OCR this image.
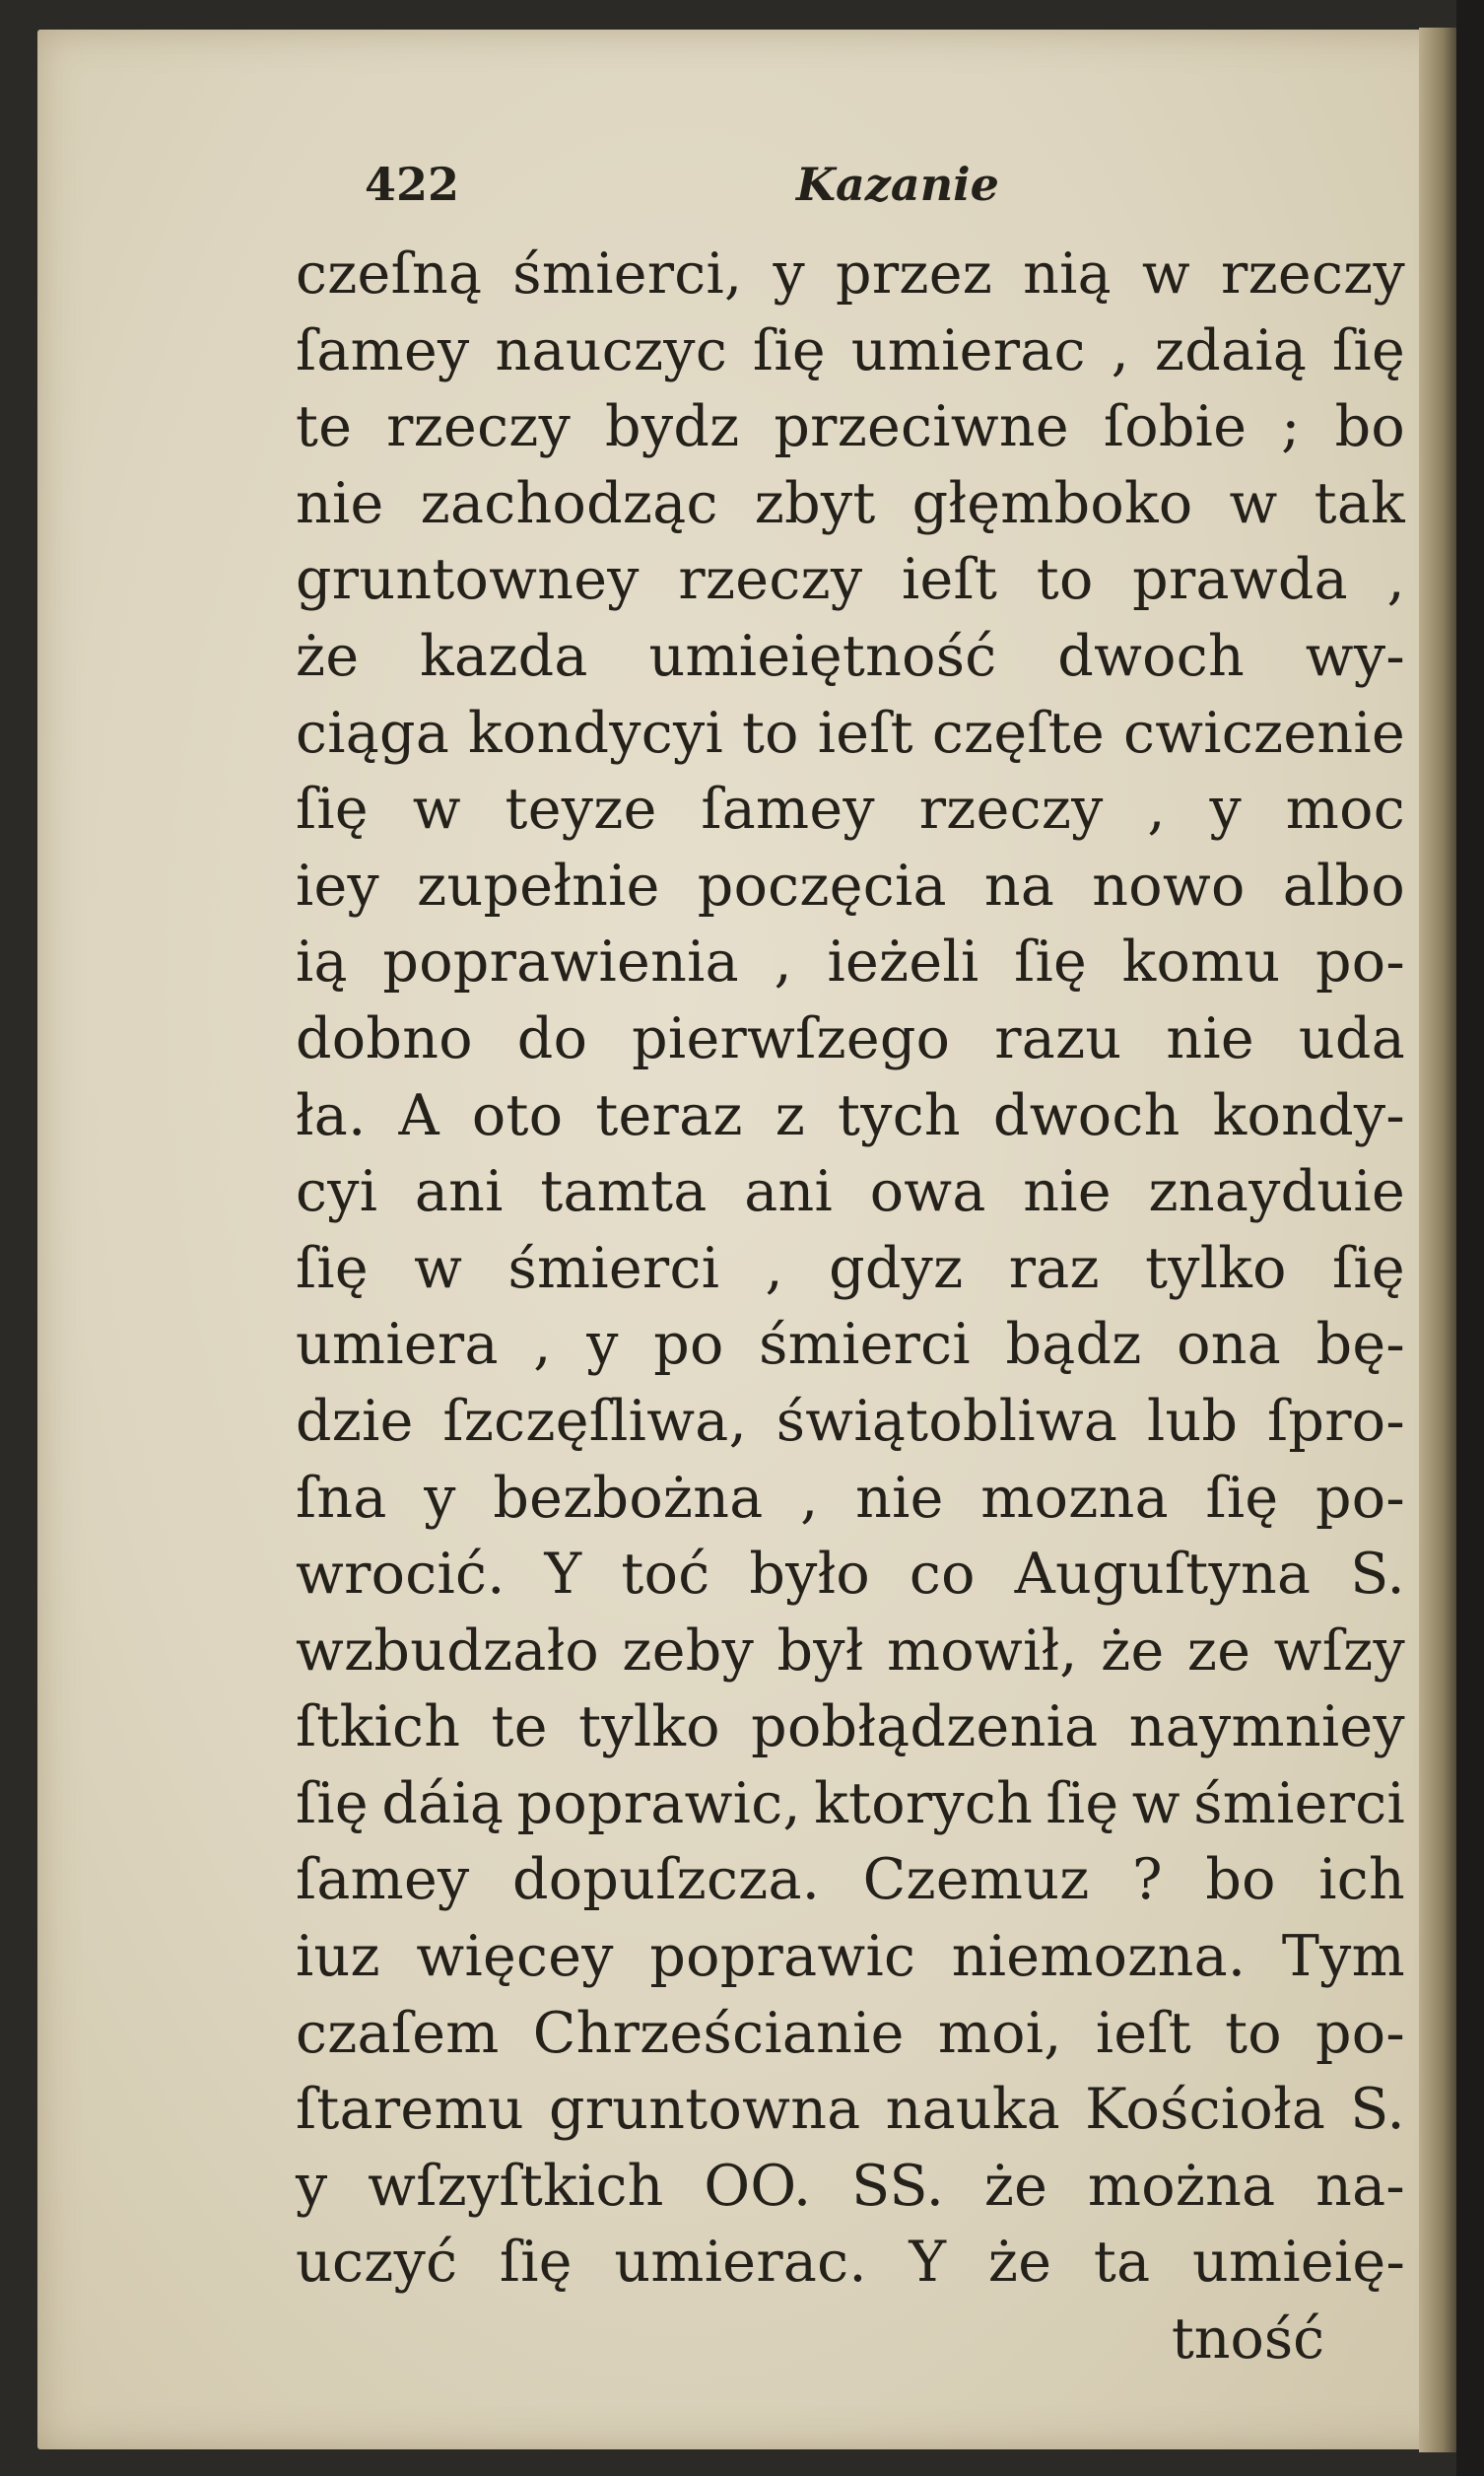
422	Kazanie
czeſną śmierci, y przez nią w rzeczy
ſamey nauczyc ſię umierac , zdaią ſię
te rzeczy bydz przeciwne ſobie ; bo
nie zachodząc zbyt głęmboko w tak
gruntowney rzeczy ieſt to prawda ,
że kazda umieiętność dwoch wy-
ciąga kondycyi to ieſt częſte cwiczenie
ſię w teyze ſamey rzeczy , y moc
iey zupełnie poczęcia na nowo albo
ią poprawienia , ieżeli ſię komu po-
dobno do pierwſzego razu nie uda
ła. A oto teraz z tych dwoch kondy-
cyi ani tamta ani owa nie znayduie
ſię w śmierci , gdyz raz tylko ſię
umiera , y po śmierci bądz ona bę-
dzie ſzczęſliwa, świątobliwa lub ſpro-
ſna y bezbożna , nie mozna ſię po-
wrocić. Y toć było co Auguſtyna S.
wzbudzało zeby był mowił, że ze wſzy
ſtkich te tylko pobłądzenia naymniey
ſię dáią poprawic, ktorych ſię w śmierci
ſamey dopuſzcza. Czemuz ? bo ich
iuz więcey poprawic niemozna. Tym
czaſem Chrześcianie moi, ieſt to po-
ſtaremu gruntowna nauka Kościoła S.
y wſzyſtkich OO. SS. że można na-
uczyć ſię umierac. Y że ta umieię-
tność
